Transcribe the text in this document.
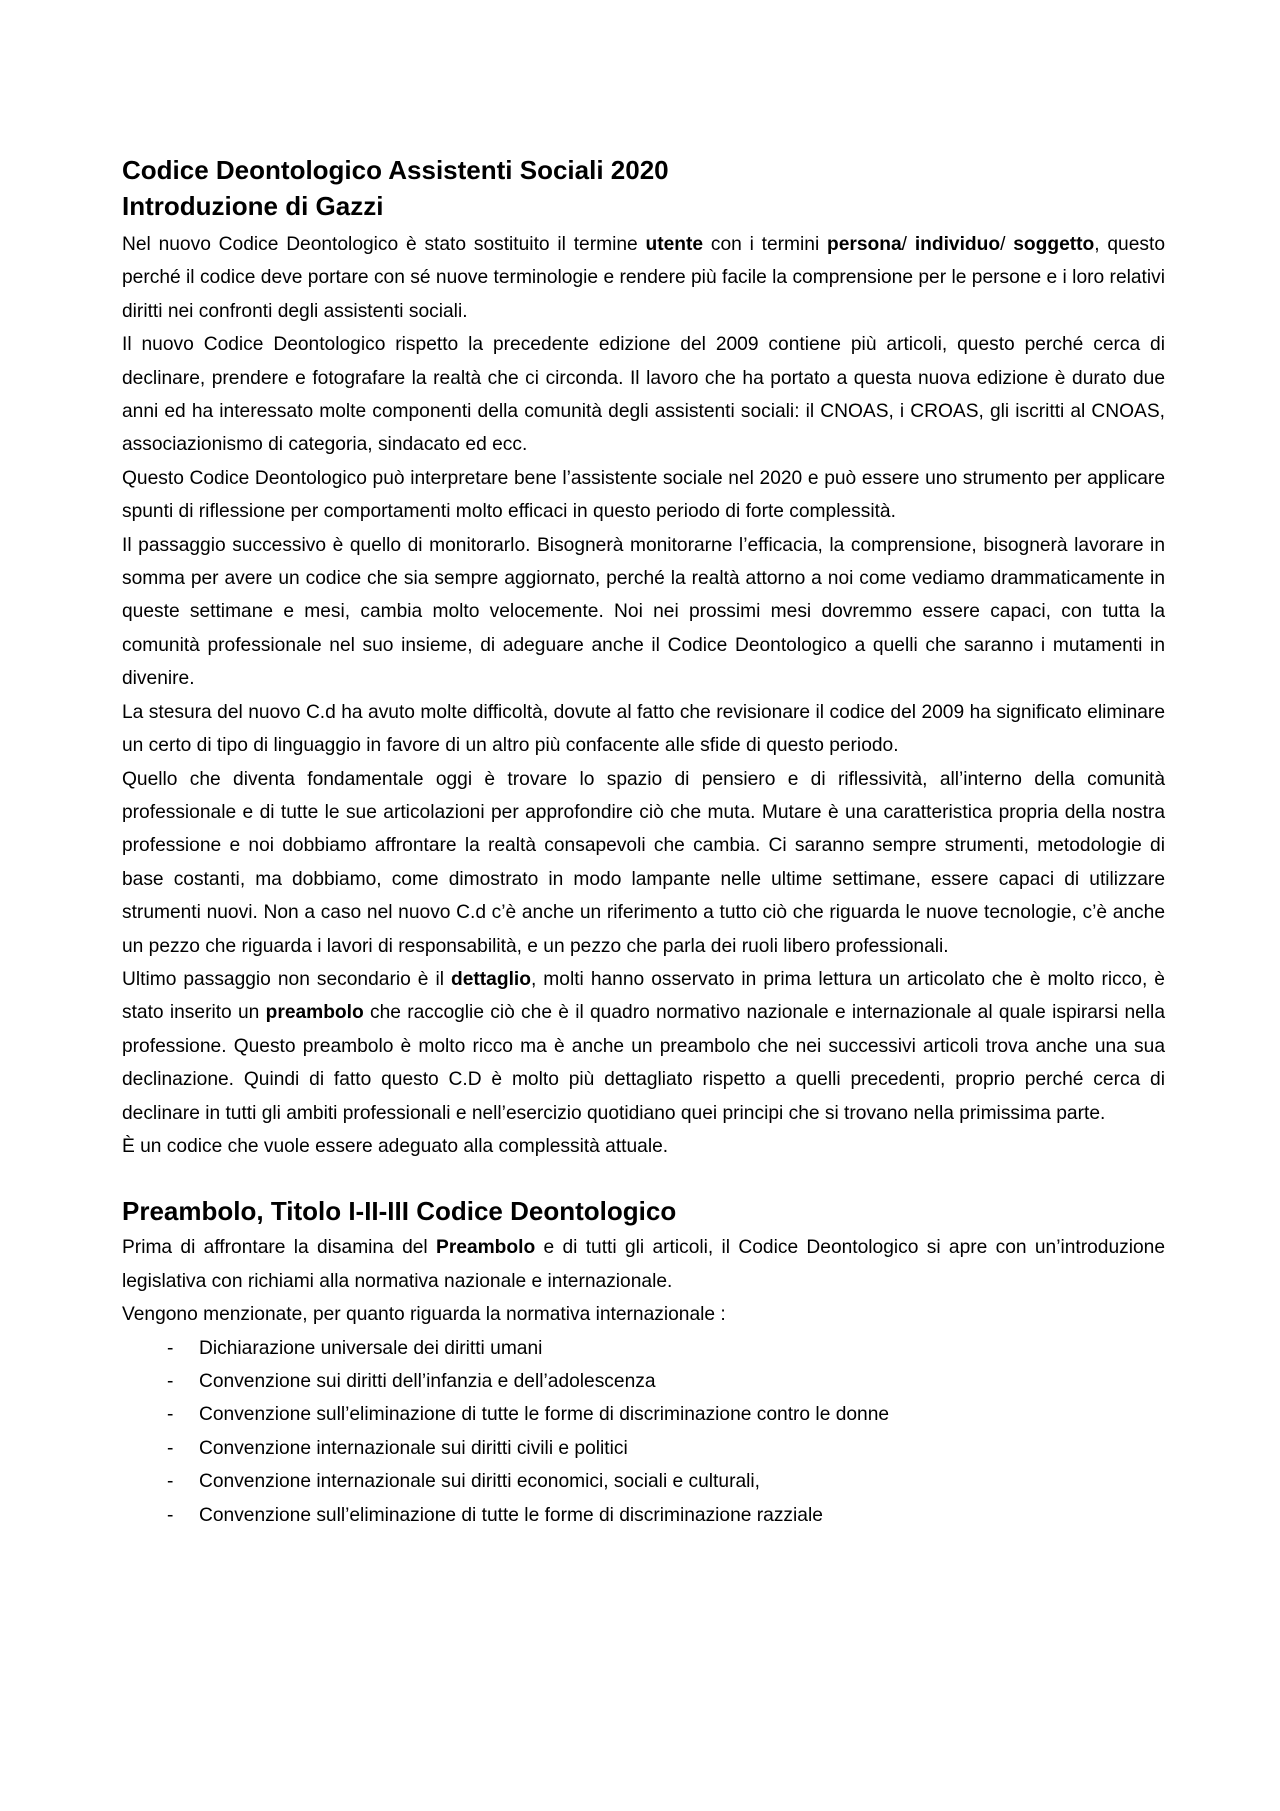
Codice Deontologico Assistenti Sociali 2020
Introduzione di Gazzi

Nel nuovo Codice Deontologico è stato sostituito il termine utente con i termini persona/ individuo/ soggetto, questo perché il codice deve portare con sé nuove terminologie e rendere più facile la comprensione per le persone e i loro relativi diritti nei confronti degli assistenti sociali.

Il nuovo Codice Deontologico rispetto la precedente edizione del 2009 contiene più articoli, questo perché cerca di declinare, prendere e fotografare la realtà che ci circonda. Il lavoro che ha portato a questa nuova edizione è durato due anni ed ha interessato molte componenti della comunità degli assistenti sociali: il CNOAS, i CROAS, gli iscritti al CNOAS, associazionismo di categoria, sindacato ed ecc.

Questo Codice Deontologico può interpretare bene l’assistente sociale nel 2020 e può essere uno strumento per applicare spunti di riflessione per comportamenti molto efficaci in questo periodo di forte complessità.

Il passaggio successivo è quello di monitorarlo. Bisognerà monitorarne l’efficacia, la comprensione, bisognerà lavorare in somma per avere un codice che sia sempre aggiornato, perché la realtà attorno a noi come vediamo drammaticamente in queste settimane e mesi, cambia molto velocemente. Noi nei prossimi mesi dovremmo essere capaci, con tutta la comunità professionale nel suo insieme, di adeguare anche il Codice Deontologico a quelli che saranno i mutamenti in divenire.

La stesura del nuovo C.d ha avuto molte difficoltà, dovute al fatto che revisionare il codice del 2009 ha significato eliminare un certo di tipo di linguaggio in favore di un altro più confacente alle sfide di questo periodo.

Quello che diventa fondamentale oggi è trovare lo spazio di pensiero e di riflessività, all’interno della comunità professionale e di tutte le sue articolazioni per approfondire ciò che muta. Mutare è una caratteristica propria della nostra professione e noi dobbiamo affrontare la realtà consapevoli che cambia. Ci saranno sempre strumenti, metodologie di base costanti, ma dobbiamo, come dimostrato in modo lampante nelle ultime settimane, essere capaci di utilizzare strumenti nuovi. Non a caso nel nuovo C.d c’è anche un riferimento a tutto ciò che riguarda le nuove tecnologie, c’è anche un pezzo che riguarda i lavori di responsabilità, e un pezzo che parla dei ruoli libero professionali.

Ultimo passaggio non secondario è il dettaglio, molti hanno osservato in prima lettura un articolato che è molto ricco, è stato inserito un preambolo che raccoglie ciò che è il quadro normativo nazionale e internazionale al quale ispirarsi nella professione. Questo preambolo è molto ricco ma è anche un preambolo che nei successivi articoli trova anche una sua declinazione. Quindi di fatto questo C.D è molto più dettagliato rispetto a quelli precedenti, proprio perché cerca di declinare in tutti gli ambiti professionali e nell’esercizio quotidiano quei principi che si trovano nella primissima parte.

È un codice che vuole essere adeguato alla complessità attuale.

Preambolo, Titolo I-II-III Codice Deontologico

Prima di affrontare la disamina del Preambolo e di tutti gli articoli, il Codice Deontologico si apre con un’introduzione legislativa con richiami alla normativa nazionale e internazionale.

Vengono menzionate, per quanto riguarda la normativa internazionale :

- Dichiarazione universale dei diritti umani
- Convenzione sui diritti dell’infanzia e dell’adolescenza
- Convenzione sull’eliminazione di tutte le forme di discriminazione contro le donne
- Convenzione internazionale sui diritti civili e politici
- Convenzione internazionale sui diritti economici, sociali e culturali,
- Convenzione sull’eliminazione di tutte le forme di discriminazione razziale
